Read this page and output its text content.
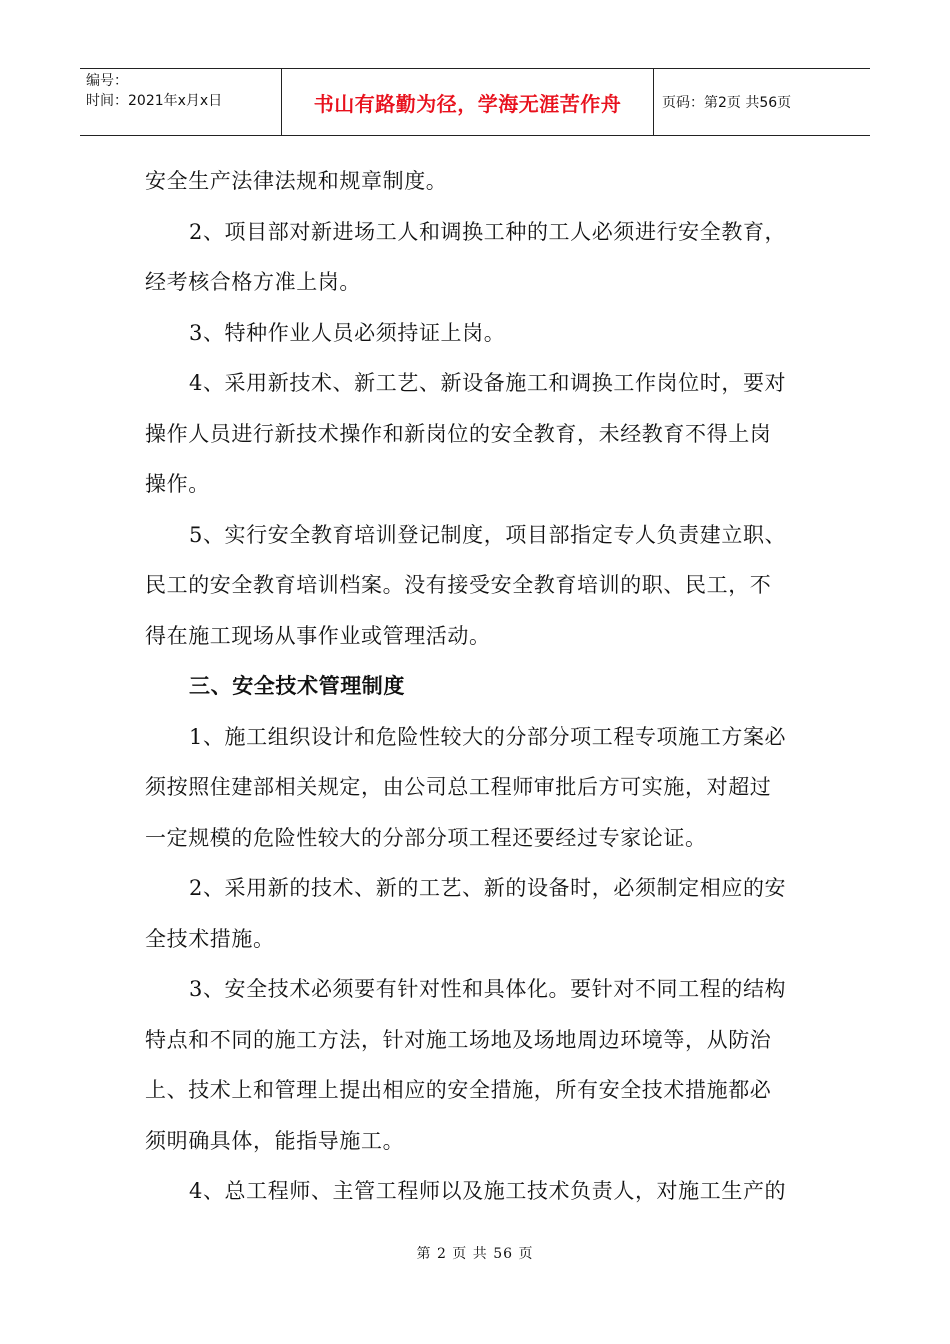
编号：
时间：2021年x月x日	书山有路勤为径，学海无涯苦作舟	页码：第2页 共56页
安全生产法律法规和规章制度。
2、项目部对新进场工人和调换工种的工人必须进行安全教育，
经考核合格方准上岗。
3、特种作业人员必须持证上岗。
4、采用新技术、新工艺、新设备施工和调换工作岗位时，要对
操作人员进行新技术操作和新岗位的安全教育，未经教育不得上岗
操作。
5、实行安全教育培训登记制度，项目部指定专人负责建立职、
民工的安全教育培训档案。没有接受安全教育培训的职、民工，不
得在施工现场从事作业或管理活动。
三、安全技术管理制度
1、施工组织设计和危险性较大的分部分项工程专项施工方案必
须按照住建部相关规定，由公司总工程师审批后方可实施，对超过
一定规模的危险性较大的分部分项工程还要经过专家论证。
2、采用新的技术、新的工艺、新的设备时，必须制定相应的安
全技术措施。
3、安全技术必须要有针对性和具体化。要针对不同工程的结构
特点和不同的施工方法，针对施工场地及场地周边环境等，从防治
上、技术上和管理上提出相应的安全措施，所有安全技术措施都必
须明确具体，能指导施工。
4、总工程师、主管工程师以及施工技术负责人，对施工生产的
第 2 页 共 56 页
